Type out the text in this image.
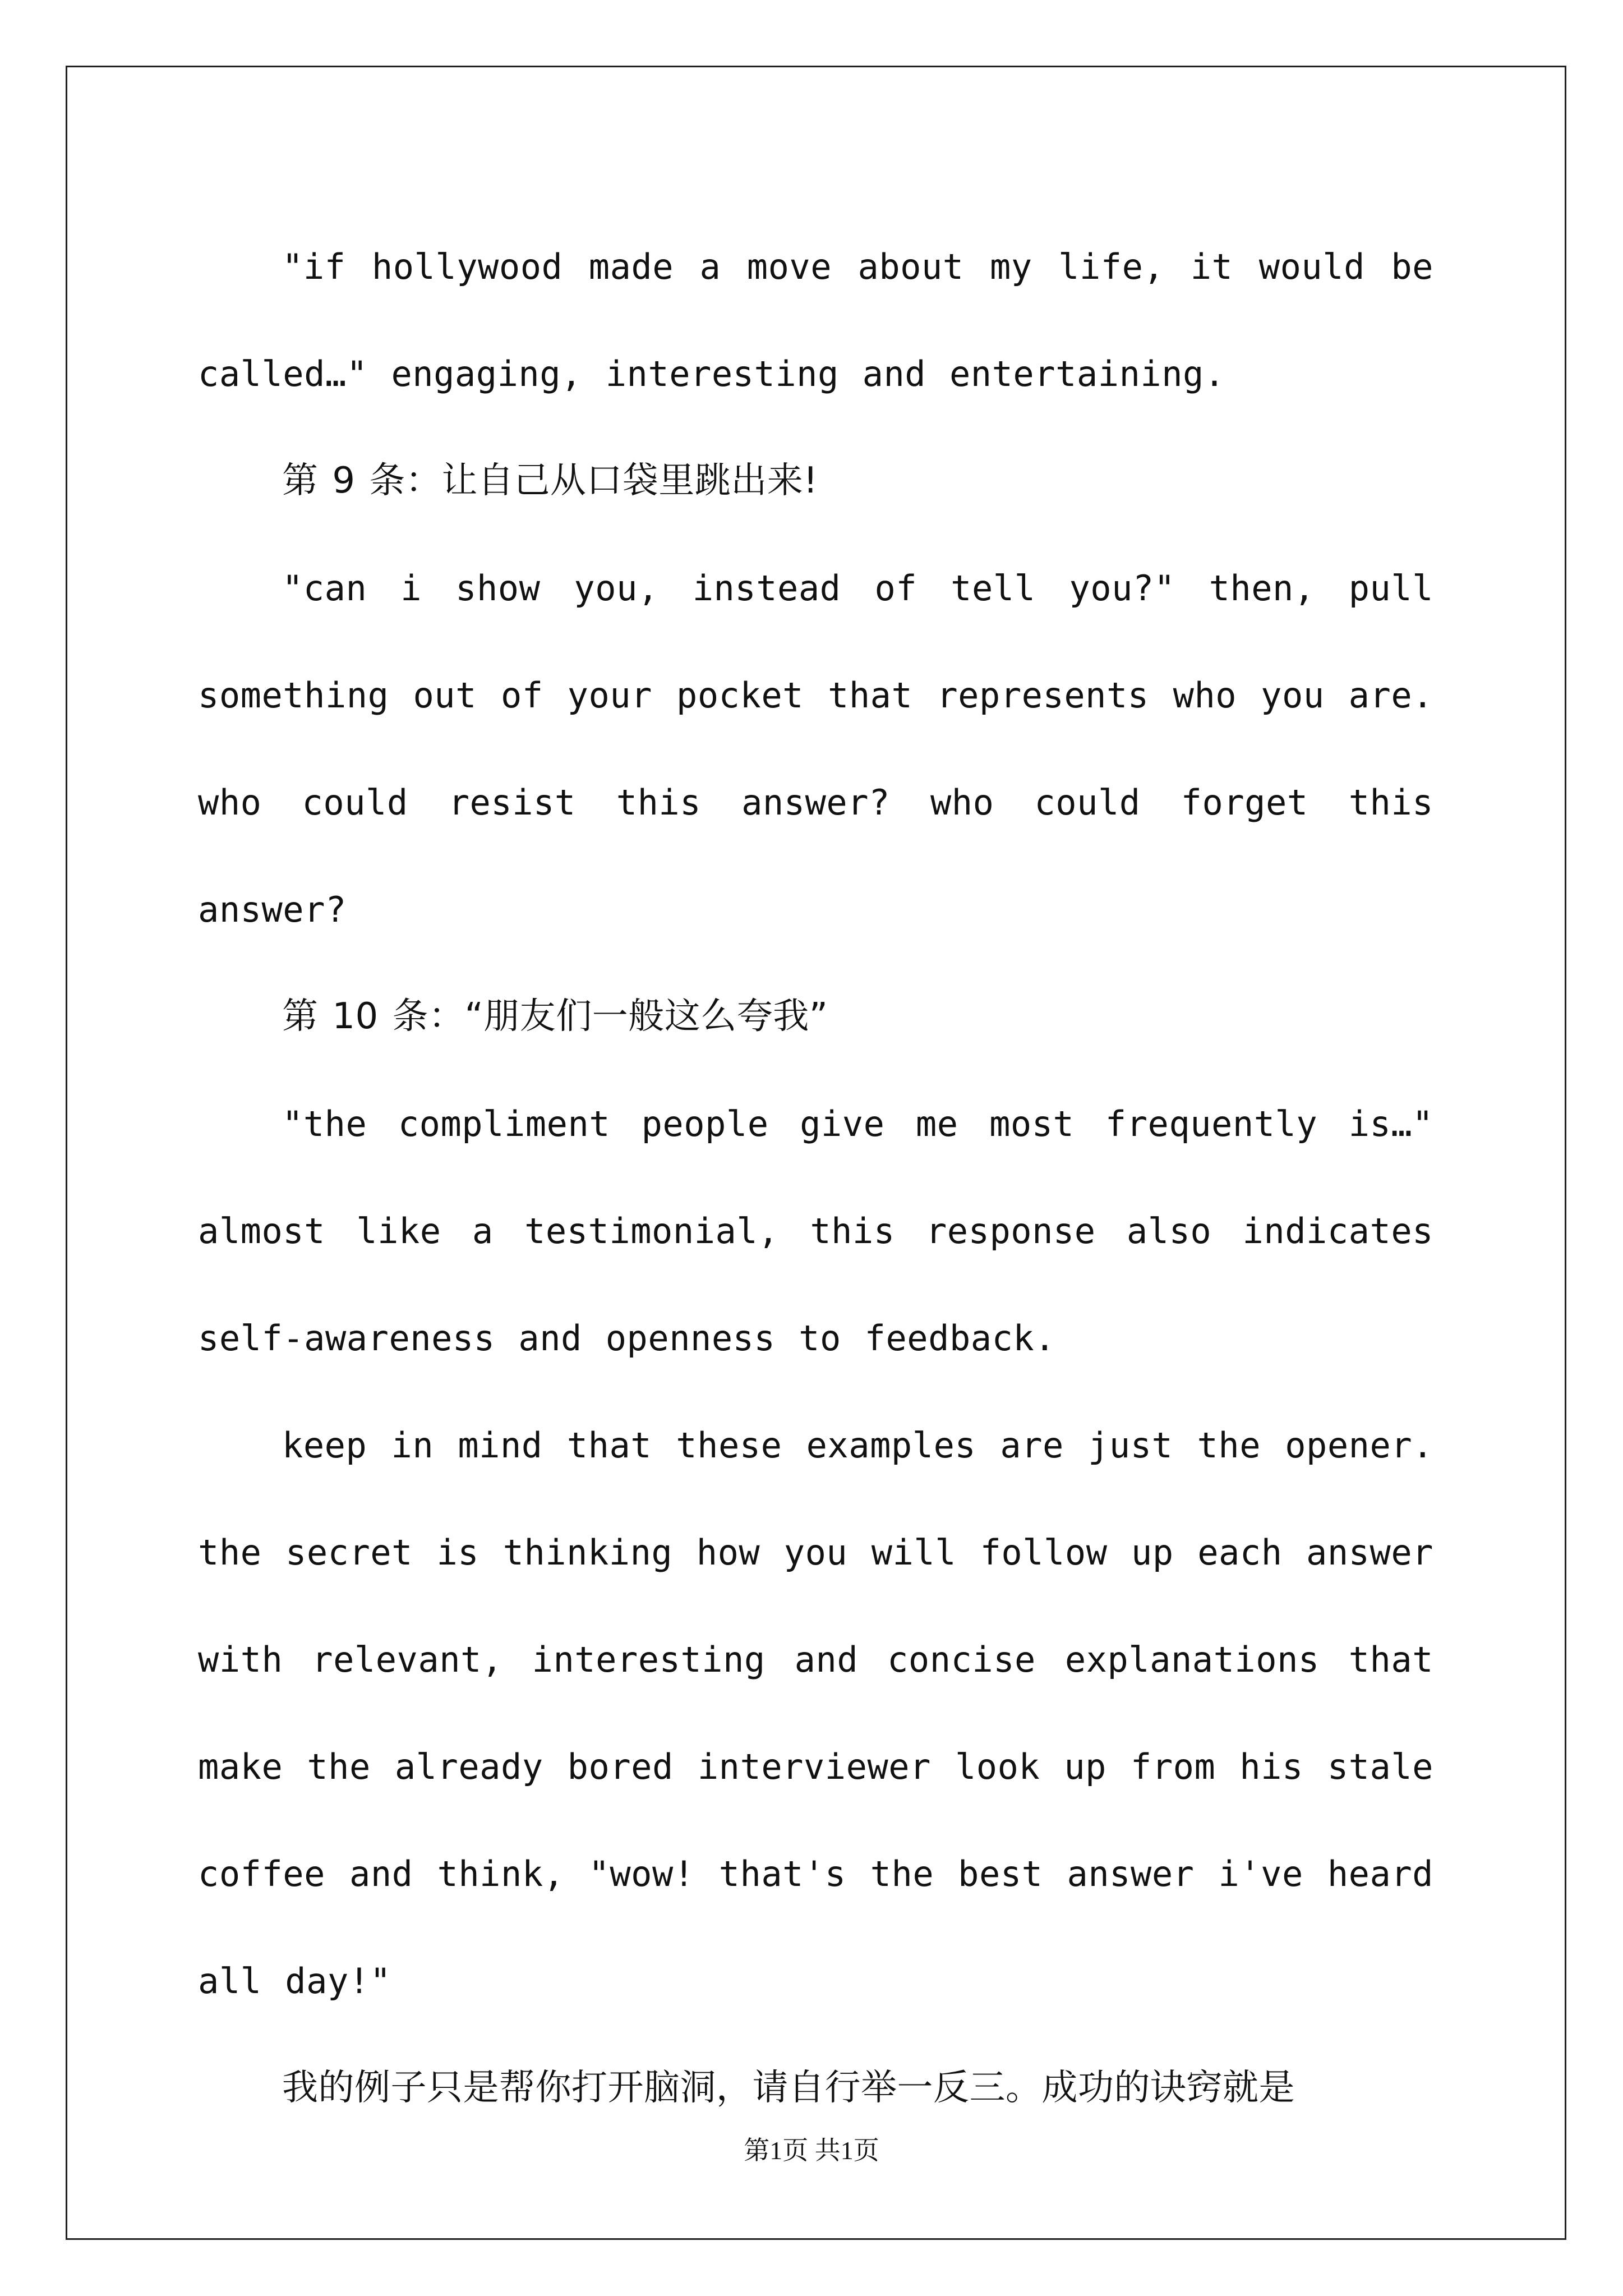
"if hollywood made a move about my life, it would be called…" engaging, interesting and entertaining.

第 9 条：让自己从口袋里跳出来!

"can i show you, instead of tell you?" then, pull something out of your pocket that represents who you are. who could resist this answer? who could forget this answer?

第 10 条：“朋友们一般这么夸我”

"the compliment people give me most frequently is…" almost like a testimonial, this response also indicates self-awareness and openness to feedback.

keep in mind that these examples are just the opener. the secret is thinking how you will follow up each answer with relevant, interesting and concise explanations that make the already bored interviewer look up from his stale coffee and think, "wow! that's the best answer i've heard all day!"

我的例子只是帮你打开脑洞，请自行举一反三。成功的诀窍就是

第1页 共1页
